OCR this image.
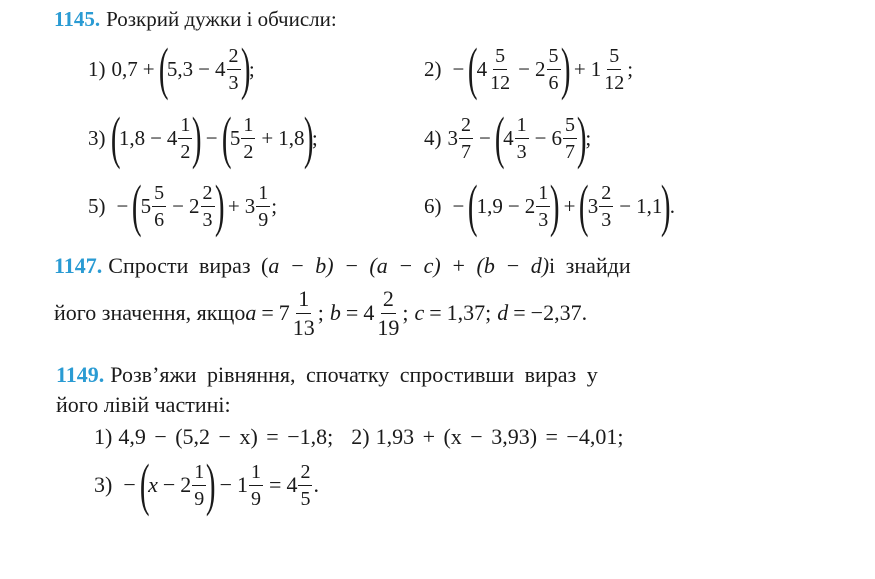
1145. Розкрий дужки і обчисли:
1) 0,7 + (
$5,3 - 4 \frac{2}{3}$ )
;	2) − (
$4 \frac{5}{12} - 2 \frac{5}{6}$ ) + $1 \frac{5}{12}$ ;
3) (
$1,8 - 4 \frac{1}{2}$ ) − (
$5 \frac{1}{2} + 1,8$
)
;	4) $3 \frac{2}{7}$ − (
$4 \frac{1}{3} - 6 \frac{5}{7}$ )
;
5) − (
$5 \frac{5}{6} - 2 \frac{2}{3}$ ) + $3 \frac{1}{9}$ ;	6) − (
$1,9 - 2 \frac{1}{3}$ ) + (
$3 \frac{2}{3} - 1,1$
)
.
1147. Спрости вираз ( a − b) − (a − c) + (b − d) і знайди
його значення, якщо $a = 7 \frac{1}{13}$ ; $b = 4 \frac{2}{19}$ ; c = 1,37 ; d = −2,37.
1149. Розв’яжи рівняння, спочатку спростивши вираз у
його лівій частині:
1) 4,9 − (5,2 − x) = −1,8; 2) 1,93 + (x − 3,93) = −4,01;
3) − (
$x - 2 \frac{1}{9}$ ) − $1 \frac{1}{9} = 4 \frac{2}{5}$ .
